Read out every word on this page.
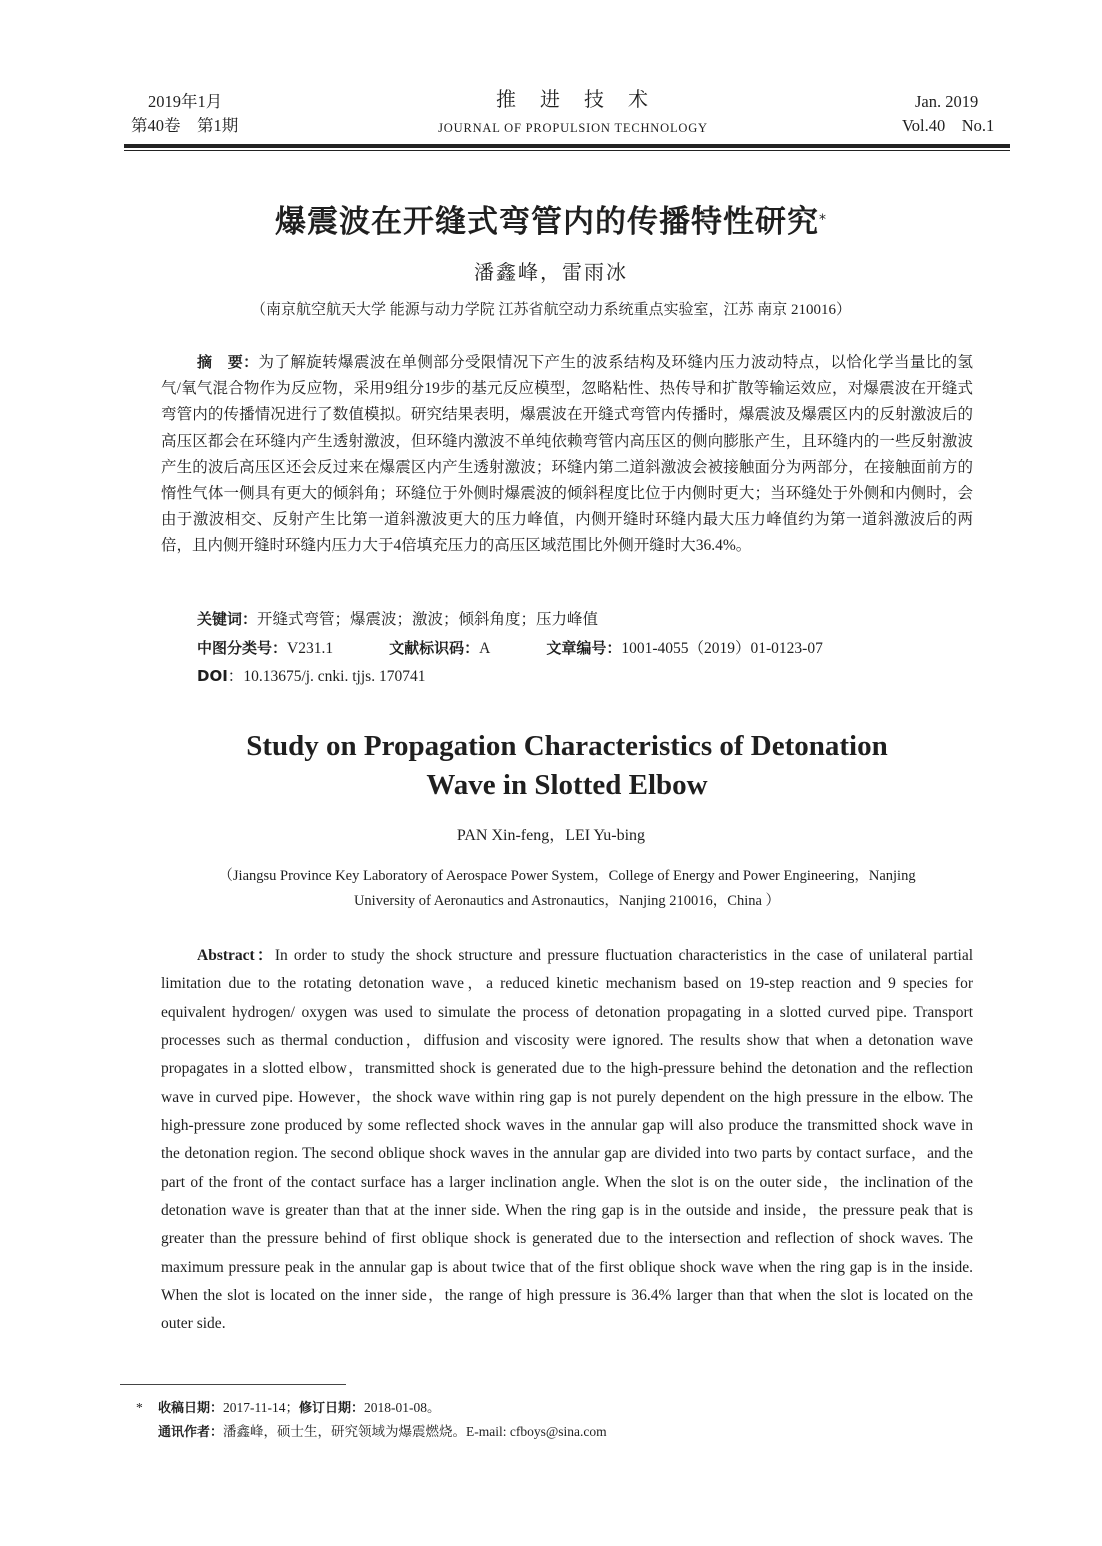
2019年1月
第40卷　第1期
推　进　技　术
JOURNAL OF PROPULSION TECHNOLOGY
Jan. 2019
Vol.40　No.1
爆震波在开缝式弯管内的传播特性研究*
潘鑫峰，雷雨冰
（南京航空航天大学 能源与动力学院 江苏省航空动力系统重点实验室，江苏 南京 210016）
摘　要：为了解旋转爆震波在单侧部分受限情况下产生的波系结构及环缝内压力波动特点，以恰化学当量比的氢气/氧气混合物作为反应物，采用9组分19步的基元反应模型，忽略粘性、热传导和扩散等输运效应，对爆震波在开缝式弯管内的传播情况进行了数值模拟。研究结果表明，爆震波在开缝式弯管内传播时，爆震波及爆震区内的反射激波后的高压区都会在环缝内产生透射激波，但环缝内激波不单纯依赖弯管内高压区的侧向膨胀产生，且环缝内的一些反射激波产生的波后高压区还会反过来在爆震区内产生透射激波；环缝内第二道斜激波会被接触面分为两部分，在接触面前方的惰性气体一侧具有更大的倾斜角；环缝位于外侧时爆震波的倾斜程度比位于内侧时更大；当环缝处于外侧和内侧时，会由于激波相交、反射产生比第一道斜激波更大的压力峰值，内侧开缝时环缝内最大压力峰值约为第一道斜激波后的两倍，且内侧开缝时环缝内压力大于4倍填充压力的高压区域范围比外侧开缝时大36.4%。
关键词：开缝式弯管；爆震波；激波；倾斜角度；压力峰值
中图分类号：V231.1	文献标识码：A	文章编号：1001-4055（2019）01-0123-07
DOI：10.13675/j. cnki. tjjs. 170741
Study on Propagation Characteristics of Detonation
Wave in Slotted Elbow
PAN Xin-feng，LEI Yu-bing
（Jiangsu Province Key Laboratory of Aerospace Power System，College of Energy and Power Engineering，Nanjing
University of Aeronautics and Astronautics，Nanjing 210016，China ）
Abstract：In order to study the shock structure and pressure fluctuation characteristics in the case of unilateral partial limitation due to the rotating detonation wave，a reduced kinetic mechanism based on 19-step reaction and 9 species for equivalent hydrogen/ oxygen was used to simulate the process of detonation propagating in a slotted curved pipe. Transport processes such as thermal conduction，diffusion and viscosity were ignored. The results show that when a detonation wave propagates in a slotted elbow，transmitted shock is generated due to the high-pressure behind the detonation and the reflection wave in curved pipe. However，the shock wave within ring gap is not purely dependent on the high pressure in the elbow. The high-pressure zone produced by some reflected shock waves in the annular gap will also produce the transmitted shock wave in the detonation region. The second oblique shock waves in the annular gap are divided into two parts by contact surface，and the part of the front of the contact surface has a larger inclination angle. When the slot is on the outer side，the inclination of the detonation wave is greater than that at the inner side. When the ring gap is in the outside and inside，the pressure peak that is greater than the pressure behind of first oblique shock is generated due to the intersection and reflection of shock waves. The maximum pressure peak in the annular gap is about twice that of the first oblique shock wave when the ring gap is in the inside. When the slot is located on the inner side，the range of high pressure is 36.4% larger than that when the slot is located on the outer side.
* 收稿日期：2017-11-14；修订日期：2018-01-08。
通讯作者：潘鑫峰，硕士生，研究领域为爆震燃烧。E-mail: cfboys@sina.com
